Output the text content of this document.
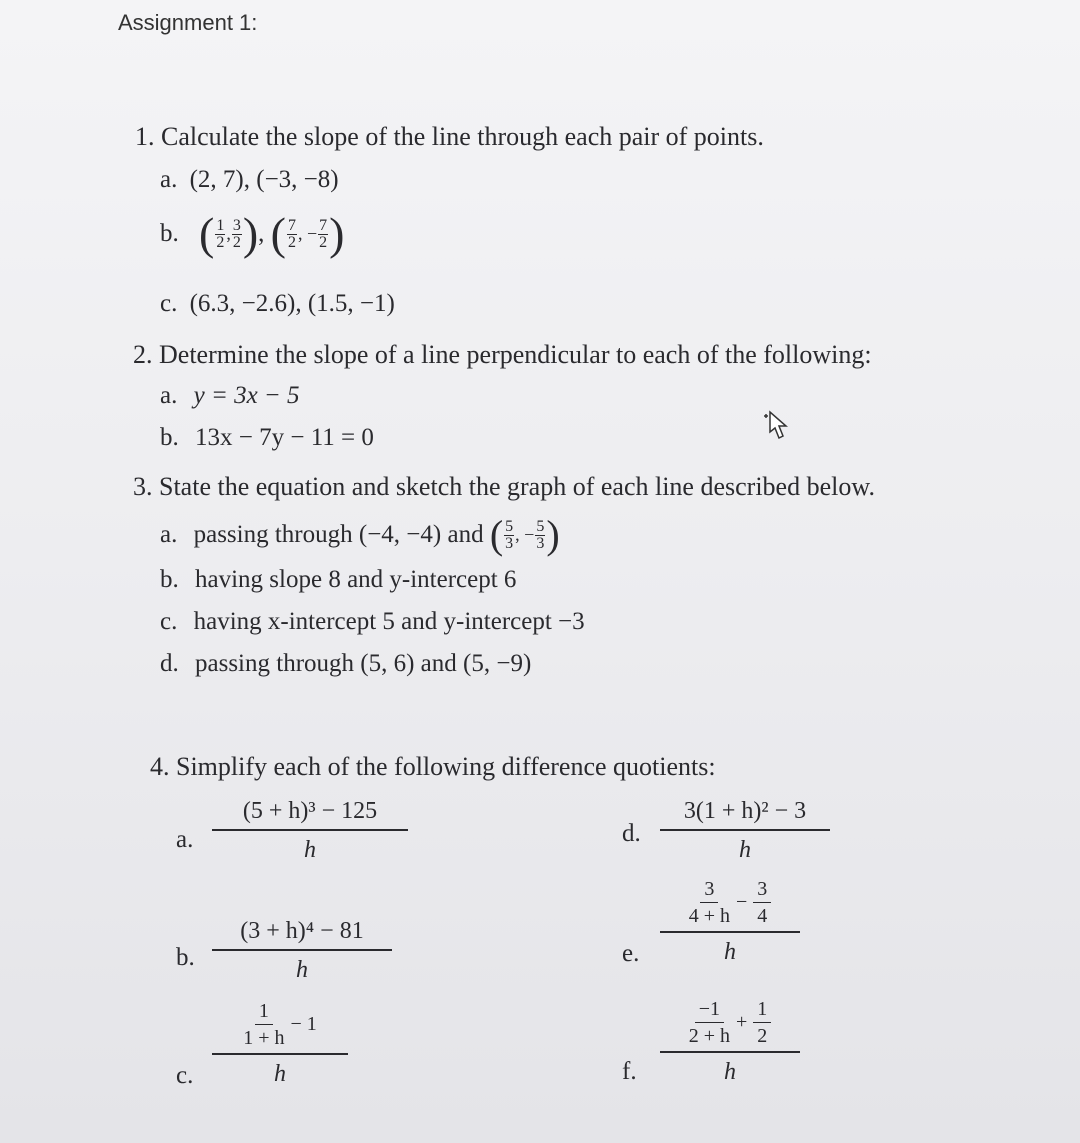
Assignment 1:
1. Calculate the slope of the line through each pair of points.
a. (2, 7), (−3, −8)
b. ( $\frac{1}{2}$ , $\frac{3}{2}$ ), ( $\frac{7}{2}$ , − $\frac{7}{2}$ )
c. (6.3, −2.6), (1.5, −1)
2. Determine the slope of a line perpendicular to each of the following:
a. y = 3x − 5
b. 13x − 7y − 11 = 0
3. State the equation and sketch the graph of each line described below.
a. passing through (−4, −4) and ( $\frac{5}{3}$ , − $\frac{5}{3}$ )
b. having slope 8 and y-intercept 6
c. having x-intercept 5 and y-intercept −3
d. passing through (5, 6) and (5, −9)
4. Simplify each of the following difference quotients:
a.
(5 + h)³ − 125
h
b.
(3 + h)⁴ − 81
h
c.
$\frac{1}{1 + h} - 1$
h
d.
3(1 + h)² − 3
h
e.
$\frac{3}{4 + h} - \frac{3}{4}$
h
f.
$\frac{-1}{2 + h} + \frac{1}{2}$
h
